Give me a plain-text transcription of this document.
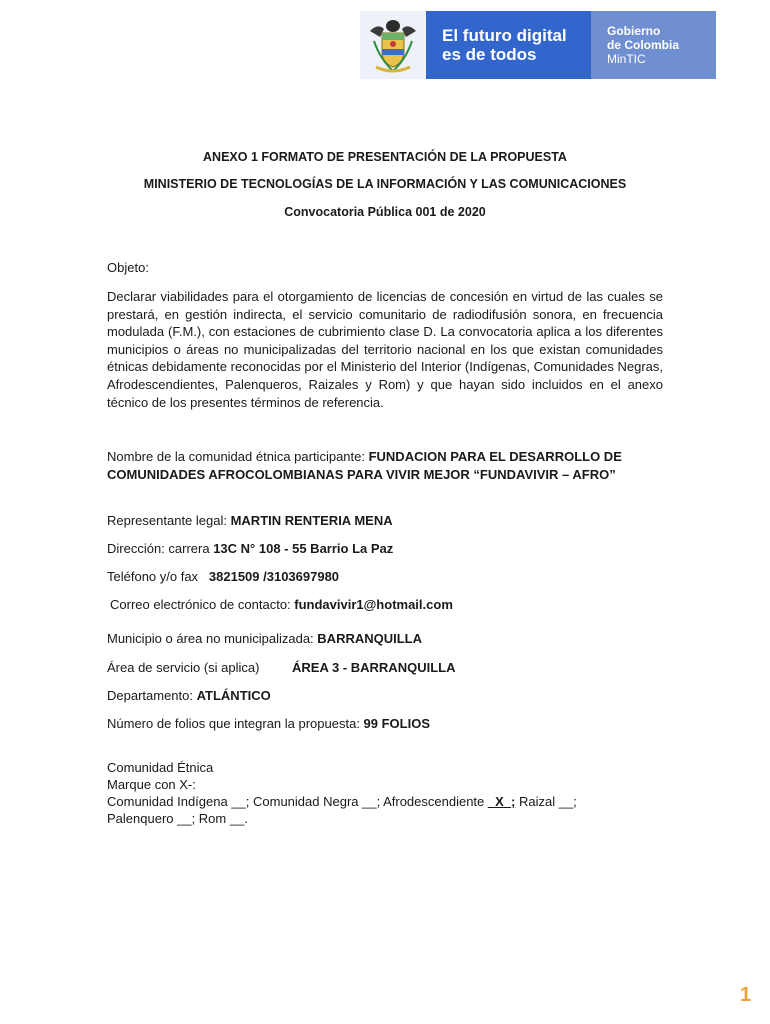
El futuro digital
es de todos
Gobierno
de Colombia
MinTIC
ANEXO 1 FORMATO DE PRESENTACIÓN DE LA PROPUESTA
MINISTERIO DE TECNOLOGÍAS DE LA INFORMACIÓN Y LAS COMUNICACIONES
Convocatoria Pública 001 de 2020
Objeto:
Declarar viabilidades para el otorgamiento de licencias de concesión en virtud de las cuales se prestará, en gestión indirecta, el servicio comunitario de radiodifusión sonora, en frecuencia modulada (F.M.), con estaciones de cubrimiento clase D. La convocatoria aplica a los diferentes municipios o áreas no municipalizadas del territorio nacional en los que existan comunidades étnicas debidamente reconocidas por el Ministerio del Interior (Indígenas, Comunidades Negras, Afrodescendientes, Palenqueros, Raizales y Rom) y que hayan sido incluidos en el anexo técnico de los presentes términos de referencia.
Nombre de la comunidad étnica participante: FUNDACION PARA EL DESARROLLO DE COMUNIDADES AFROCOLOMBIANAS PARA VIVIR MEJOR “FUNDAVIVIR – AFRO”
Representante legal: MARTIN RENTERIA MENA
Dirección: carrera 13C N° 108 - 55 Barrio La Paz
Teléfono y/o fax   3821509 /3103697980
Correo electrónico de contacto: fundavivir1@hotmail.com
Municipio o área no municipalizada: BARRANQUILLA
Área de servicio (si aplica)	ÁREA 3 - BARRANQUILLA
Departamento: ATLÁNTICO
Número de folios que integran la propuesta: 99 FOLIOS
Comunidad Étnica
Marque con X-:
Comunidad Indígena __; Comunidad Negra __; Afrodescendiente _X_; Raizal __;
Palenquero __; Rom __.
1
